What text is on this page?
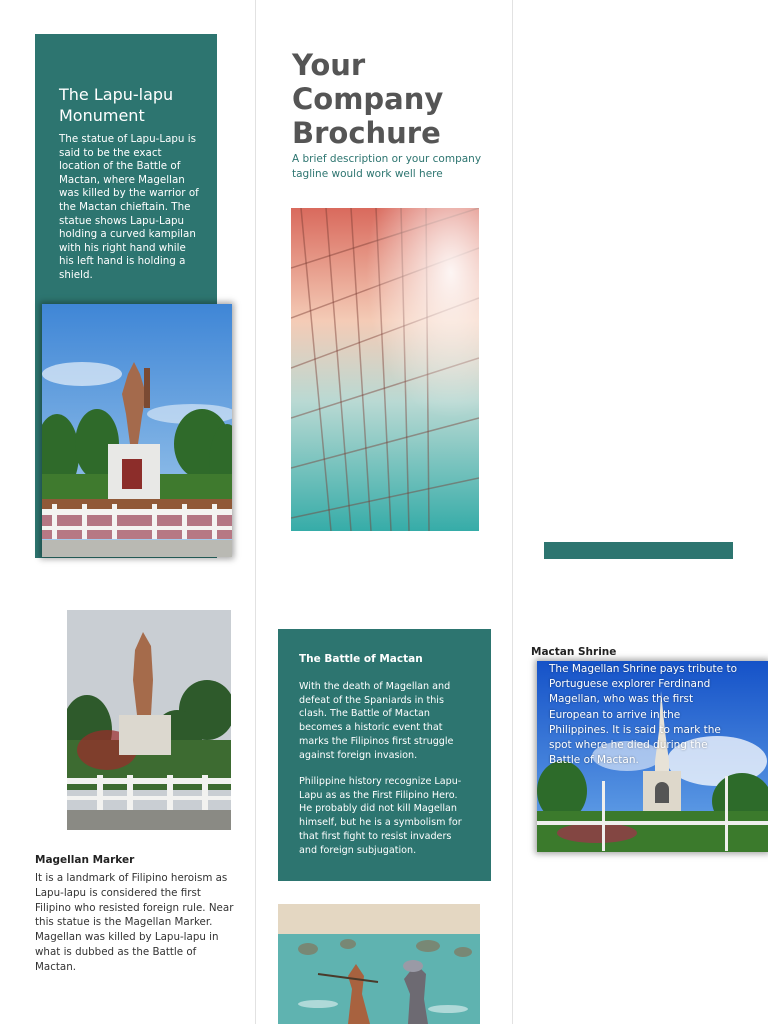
The Lapu-lapu Monument
The statue of Lapu-Lapu is said to be the exact location of the Battle of Mactan, where Magellan was killed by the warrior of the Mactan chieftain. The statue shows Lapu-Lapu holding a curved kampilan with his right hand while his left hand is holding a shield.
Magellan Marker
It is a landmark of Filipino heroism as Lapu-lapu is considered the first Filipino who resisted foreign rule. Near this statue is the Magellan Marker. Magellan was killed by Lapu-lapu in what is dubbed as the Battle of Mactan.
Your Company Brochure
A brief description or your company tagline would work well here
The Battle of Mactan
With the death of Magellan and defeat of the Spaniards in this clash. The Battle of Mactan becomes a historic event that marks the Filipinos first struggle against foreign invasion.
Philippine history recognize Lapu-Lapu as as the First Filipino Hero. He probably did not kill Magellan himself, but he is a symbolism for that first fight to resist invaders and foreign subjugation.
Mactan Shrine
The Magellan Shrine pays tribute to Portuguese explorer Ferdinand Magellan, who was the first European to arrive in the Philippines. It is said to mark the spot where he died during the Battle of Mactan.
